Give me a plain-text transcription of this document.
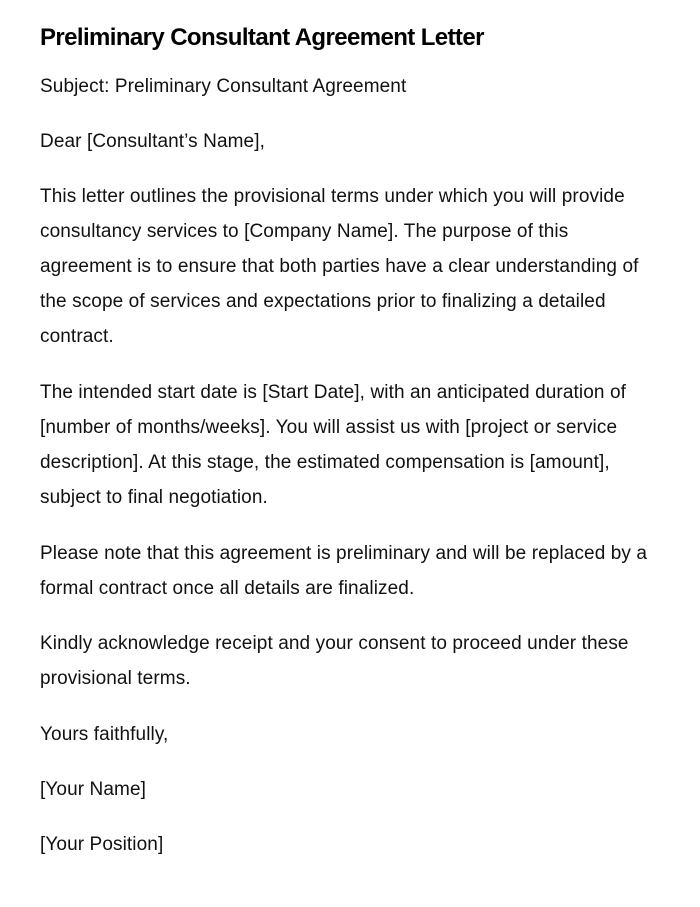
Preliminary Consultant Agreement Letter

Subject: Preliminary Consultant Agreement

Dear [Consultant’s Name],

This letter outlines the provisional terms under which you will provide consultancy services to [Company Name]. The purpose of this agreement is to ensure that both parties have a clear understanding of the scope of services and expectations prior to finalizing a detailed contract.

The intended start date is [Start Date], with an anticipated duration of [number of months/weeks]. You will assist us with [project or service description]. At this stage, the estimated compensation is [amount], subject to final negotiation.

Please note that this agreement is preliminary and will be replaced by a formal contract once all details are finalized.

Kindly acknowledge receipt and your consent to proceed under these provisional terms.

Yours faithfully,

[Your Name]

[Your Position]
